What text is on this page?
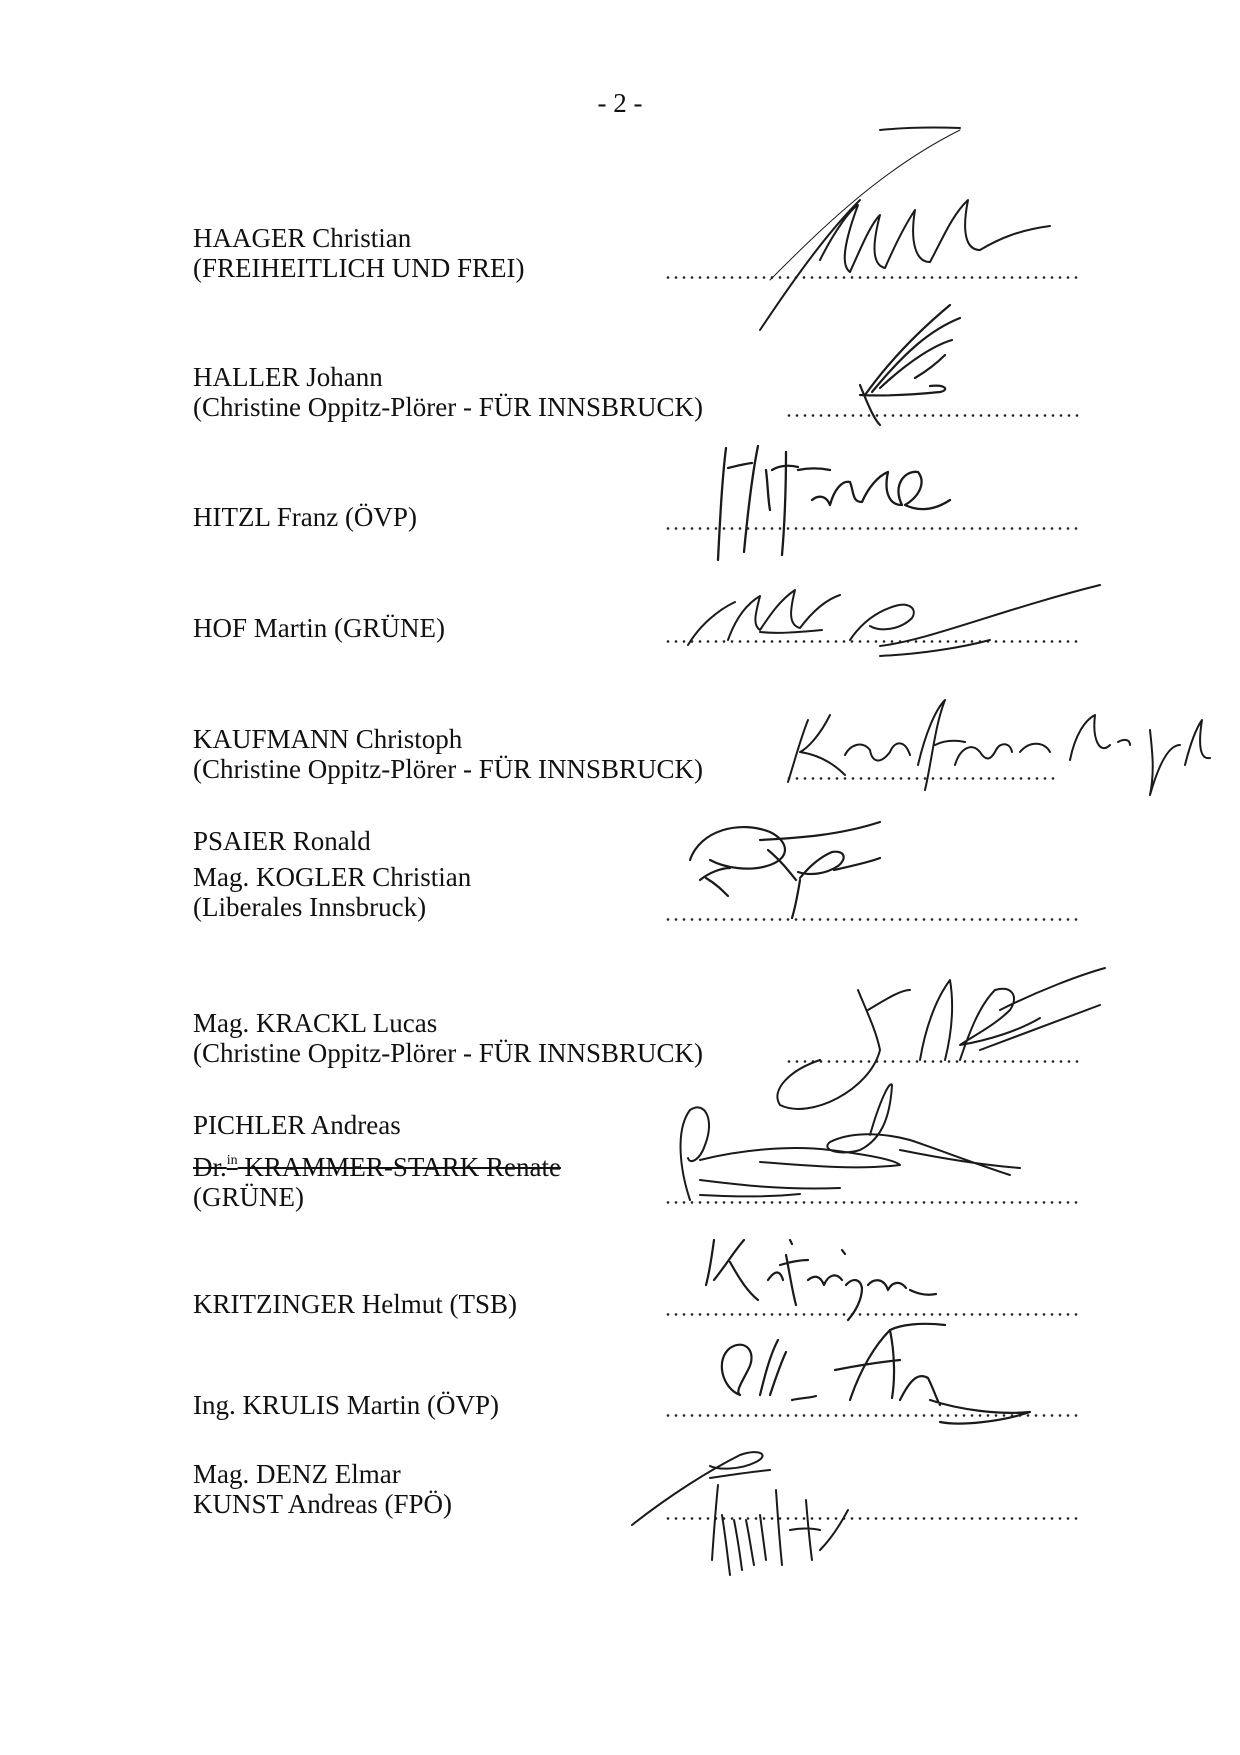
- 2 -
HAAGER Christian
(FREIHEITLICH UND FREI)
HALLER Johann
(Christine Oppitz-Plörer - FÜR INNSBRUCK)
HITZL Franz (ÖVP)
HOF Martin (GRÜNE)
KAUFMANN Christoph
(Christine Oppitz-Plörer - FÜR INNSBRUCK)
PSAIER Ronald
Mag. KOGLER Christian
(Liberales Innsbruck)
Mag. KRACKL Lucas
(Christine Oppitz-Plörer - FÜR INNSBRUCK)
PICHLER Andreas
Dr.$^{in}$ KRAMMER-STARK Renate
(GRÜNE)
KRITZINGER Helmut (TSB)
Ing. KRULIS Martin (ÖVP)
Mag. DENZ Elmar
KUNST Andreas (FPÖ)
